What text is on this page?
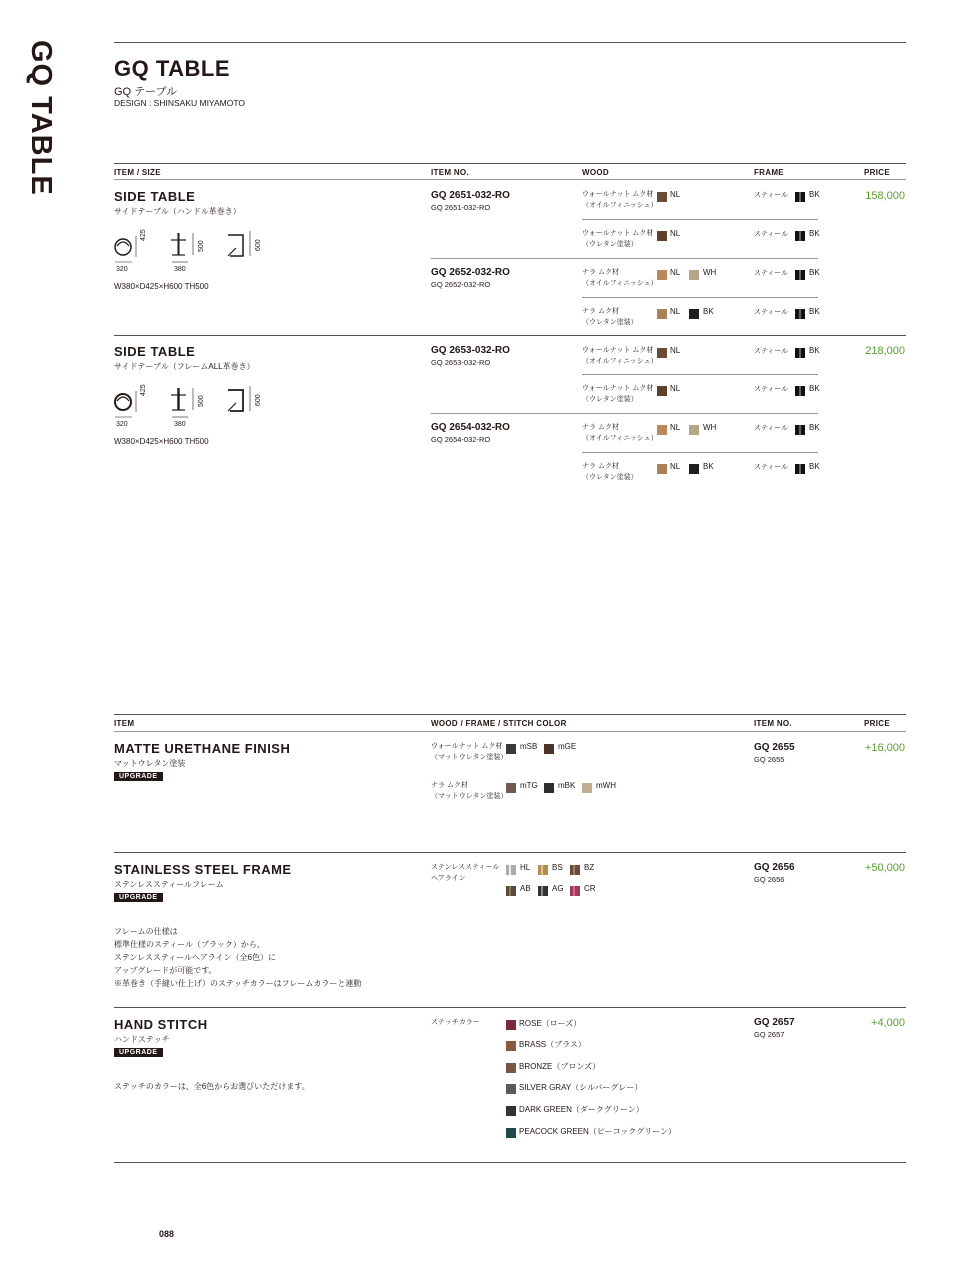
GQ TABLE	GQ TABLE
GQ テーブル
DESIGN : SHINSAKU MIYAMOTO
ITEM / SIZE	ITEM NO.	WOOD	FRAME	PRICE
SIDE TABLE
サイドテーブル（ハンドル革巻き）
425
500	600
320	380
W380×D425×H600 TH500
GQ 2651-032-RO
GQ 2651-032-RO
158,000
ウォールナット ムク材
（オイルフィニッシュ）
NL	スティール	BK
ウォールナット ムク材
（ウレタン塗装）
NL	スティール	BK
GQ 2652-032-RO
GQ 2652-032-RO
ナラ ムク材
（オイルフィニッシュ）
NL	WH	スティール	BK
ナラ ムク材
（ウレタン塗装）
NL	BK	スティール	BK
SIDE TABLE
サイドテーブル（フレームALL革巻き）
425
500	600
320	380
W380×D425×H600 TH500
GQ 2653-032-RO
GQ 2653-032-RO
218,000
ウォールナット ムク材
（オイルフィニッシュ）
NL	スティール	BK
ウォールナット ムク材
（ウレタン塗装）
NL	スティール	BK
GQ 2654-032-RO
GQ 2654-032-RO
ナラ ムク材
（オイルフィニッシュ）
NL	WH	スティール	BK
ナラ ムク材
（ウレタン塗装）
NL	BK	スティール	BK
ITEM	WOOD / FRAME / STITCH COLOR	ITEM NO.	PRICE
MATTE URETHANE FINISH
マットウレタン塗装
UPGRADE
ウォールナット ムク材
（マットウレタン塗装）
mSB	mGE
ナラ ムク材
（マットウレタン塗装）
mTG	mBK	mWH
GQ 2655
GQ 2655
+16,000
STAINLESS STEEL FRAME
ステンレススティールフレーム
UPGRADE
ステンレススティール
ヘアライン
HL	BS	BZ
AB	AG	CR
フレームの仕様は
標準仕様のスティール（ブラック）から、
ステンレススティールヘアライン（全6色）に
アップグレードが可能です。
※革巻き（手縫い仕上げ）のステッチカラーはフレームカラーと連動
GQ 2656
GQ 2656
+50,000
HAND STITCH
ハンドステッチ
UPGRADE
ステッチのカラーは、全6色からお選びいただけます。
ステッチカラー	ROSE（ローズ）
BRASS（ブラス）
BRONZE（ブロンズ）
SILVER GRAY（シルバーグレー）
DARK GREEN（ダークグリーン）
PEACOCK GREEN（ピーコックグリーン）
GQ 2657
GQ 2657
+4,000
088
